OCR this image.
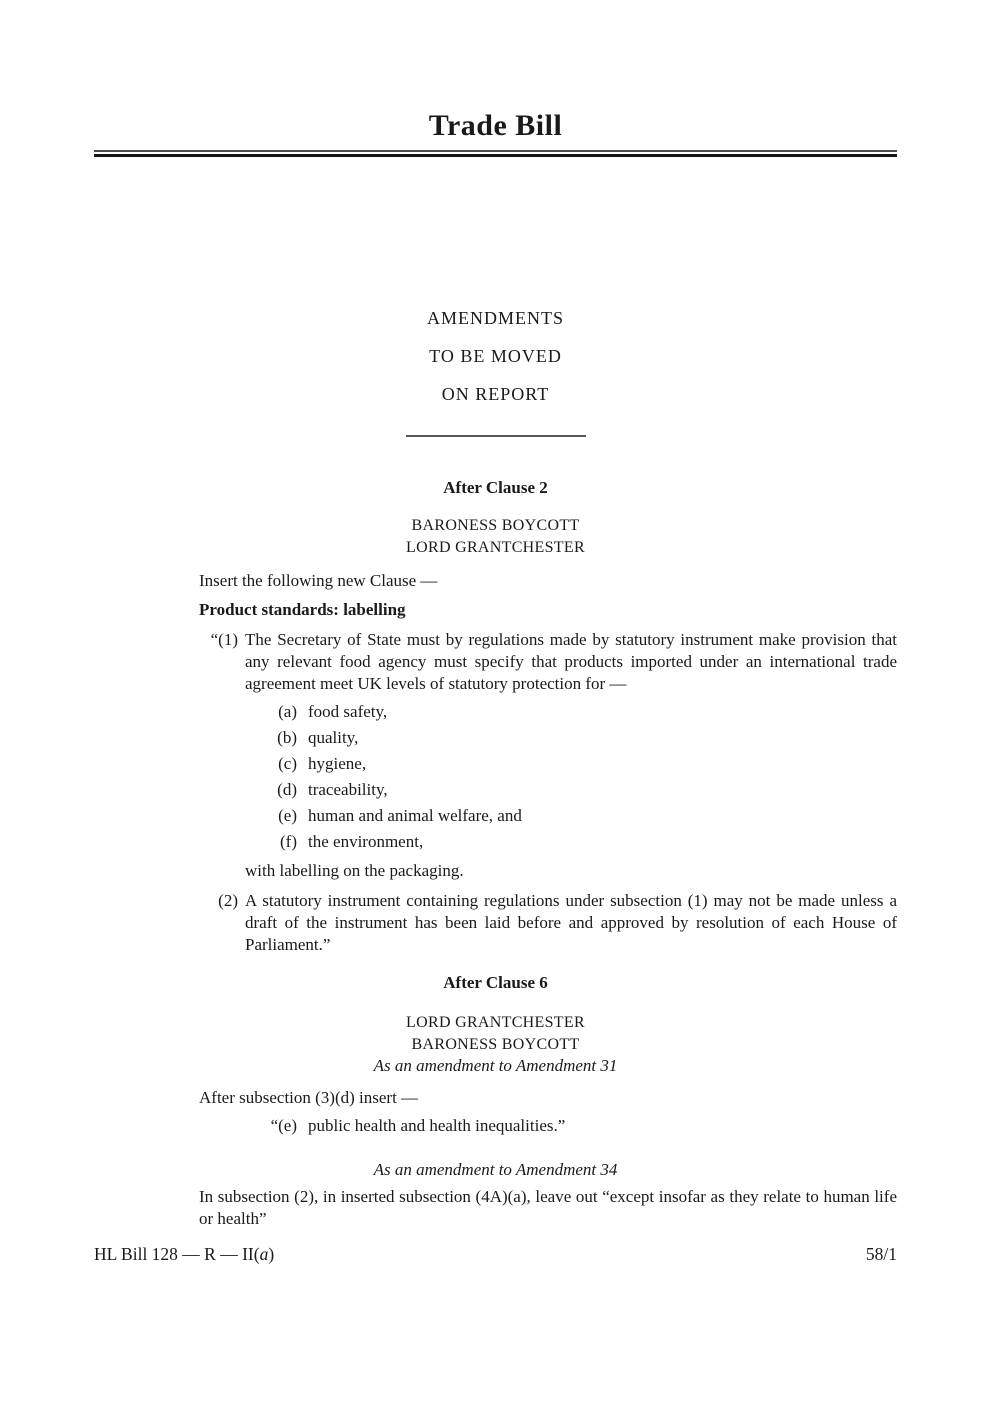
Trade Bill
AMENDMENTS
TO BE MOVED
ON REPORT
After Clause 2
BARONESS BOYCOTT
LORD GRANTCHESTER

Insert the following new Clause —

Product standards: labelling

“(1) The Secretary of State must by regulations made by statutory instrument make provision that any relevant food agency must specify that products imported under an international trade agreement meet UK levels of statutory protection for —
(a) food safety,
(b) quality,
(c) hygiene,
(d) traceability,
(e) human and animal welfare, and
(f) the environment,

with labelling on the packaging.

(2) A statutory instrument containing regulations under subsection (1) may not be made unless a draft of the instrument has been laid before and approved by resolution of each House of Parliament.”
After Clause 6
LORD GRANTCHESTER
BARONESS BOYCOTT
As an amendment to Amendment 31

After subsection (3)(d) insert —

“(e) public health and health inequalities.”
As an amendment to Amendment 34

In subsection (2), in inserted subsection (4A)(a), leave out “except insofar as they relate to human life or health”

HL Bill 128 — R — II(a)	58/1
